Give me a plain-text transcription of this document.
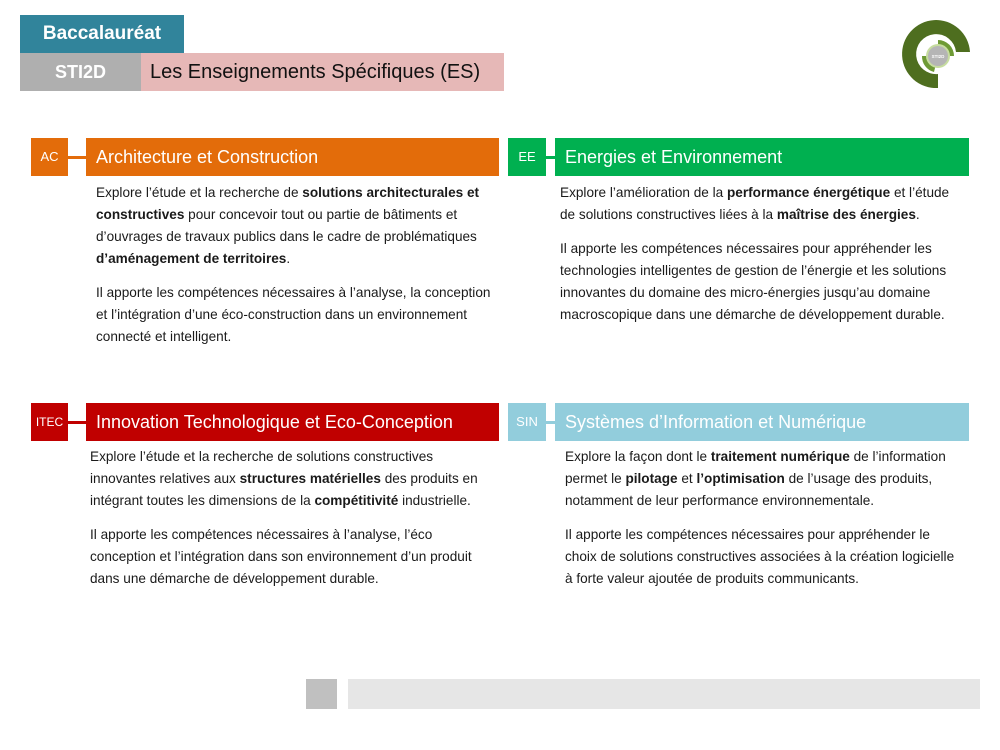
Baccalauréat
STI2D	Les Enseignements Spécifiques (ES)
STI2D
AC	Architecture et Construction

Explore l’étude et la recherche de solutions architecturales et constructives pour concevoir tout ou partie de bâtiments et d’ouvrages de travaux publics dans le cadre de problématiques d’aménagement de territoires.

Il apporte les compétences nécessaires à l’analyse, la conception et l’intégration d’une éco-construction dans un environnement connecté et intelligent.

EE	Energies et Environnement

Explore l’amélioration de la performance énergétique et l’étude de solutions constructives liées à la maîtrise des énergies.

Il apporte les compétences nécessaires pour appréhender les technologies intelligentes de gestion de l’énergie et les solutions innovantes du domaine des micro-énergies jusqu’au domaine macroscopique dans une démarche de développement durable.

ITEC	Innovation Technologique et Eco-Conception

Explore l’étude et la recherche de solutions constructives innovantes relatives aux structures matérielles des produits en intégrant toutes les dimensions de la compétitivité industrielle.

Il apporte les compétences nécessaires à l’analyse, l’éco conception et l’intégration dans son environnement d’un produit dans une démarche de développement durable.

SIN	Systèmes d’Information et Numérique

Explore la façon dont le traitement numérique de l’information permet le pilotage et l’optimisation de l’usage des produits, notamment de leur performance environnementale.

Il apporte les compétences nécessaires pour appréhender le choix de solutions constructives associées à la création logicielle à forte valeur ajoutée de produits communicants.
